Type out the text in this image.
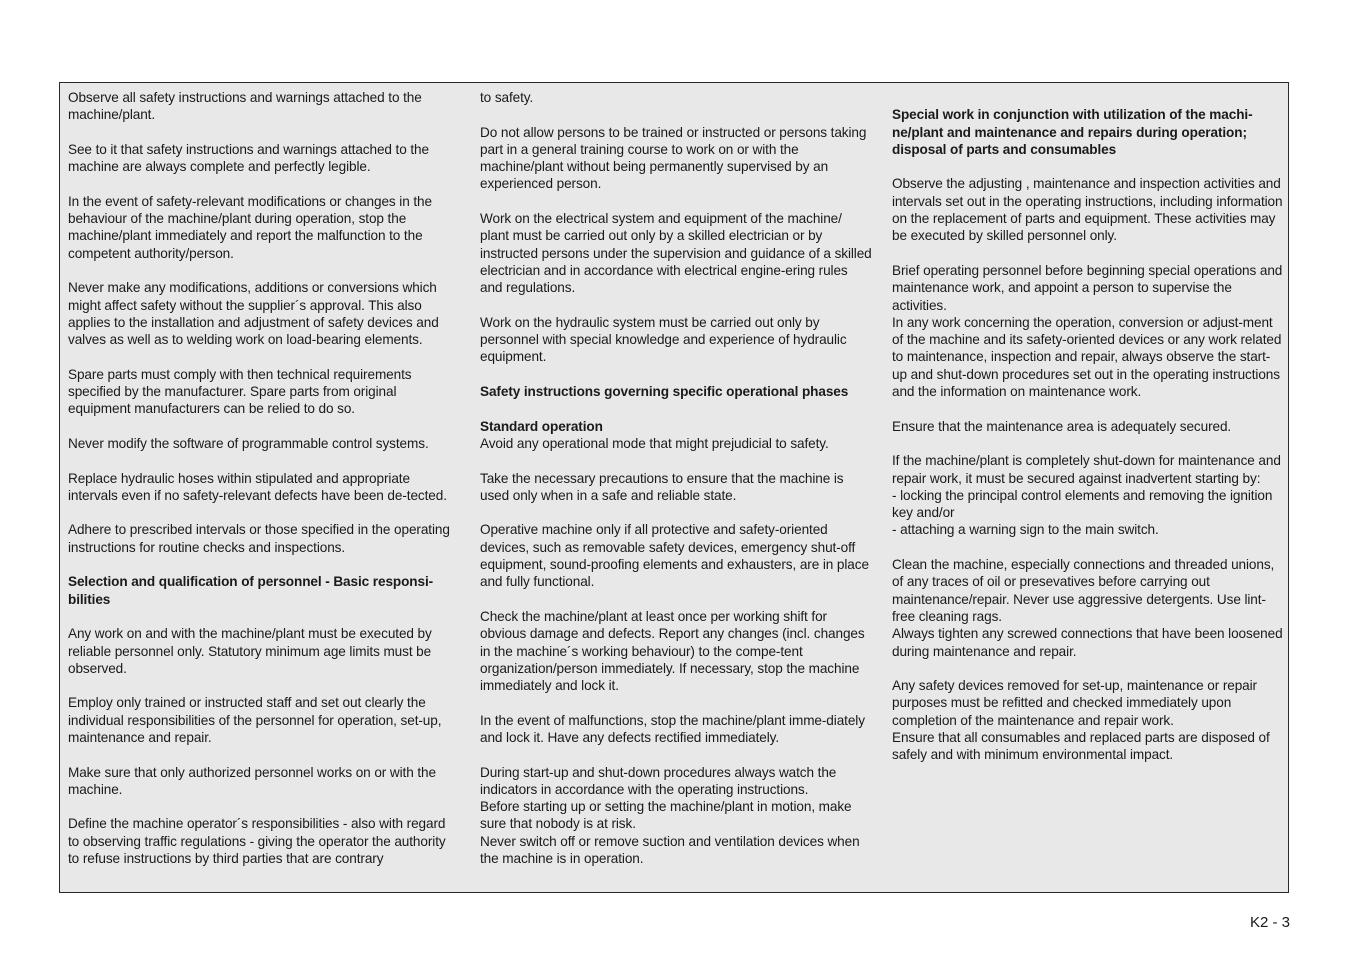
Observe all safety instructions and warnings attached to the machine/plant.

See to it that safety instructions and warnings attached to the machine are always complete and perfectly legible.

In the event of safety-relevant modifications or changes in the behaviour of the machine/plant during operation, stop the machine/plant immediately and report the malfunction to the competent authority/person.

Never make any modifications, additions or conversions which might affect safety without the supplier´s approval. This also applies to the installation and adjustment of safety devices and valves as well as to welding work on load-bearing elements.

Spare parts must comply with then technical requirements specified by the manufacturer. Spare parts from original equipment manufacturers can be relied to do so.

Never modify the software of programmable control systems.

Replace hydraulic hoses within stipulated and appropriate intervals even if no safety-relevant defects have been de-tected.

Adhere to prescribed intervals or those specified in the operating instructions for routine checks and inspections.

Selection and qualification of personnel - Basic responsi-bilities

Any work on and with the machine/plant must be executed by reliable personnel only. Statutory minimum age limits must be observed.

Employ only trained or instructed staff and set out clearly the individual responsibilities of the personnel for operation, set-up, maintenance and repair.

Make sure that only authorized personnel works on or with the machine.

Define the machine operator´s responsibilities - also with regard to observing traffic regulations - giving the operator the authority to refuse instructions by third parties that are contrary

to safety.

Do not allow persons to be trained or instructed or persons taking part in a general training course to work on or with the machine/plant without being permanently supervised by an experienced person.

Work on the electrical system and equipment of the machine/ plant must be carried out only by a skilled electrician or by instructed persons under the supervision and guidance of a skilled electrician and in accordance with electrical engine-ering rules and regulations.

Work on the hydraulic system must be carried out only by personnel with special knowledge and experience of hydraulic equipment.

Safety instructions governing specific operational phases
Standard operation

Avoid any operational mode that might prejudicial to safety.

Take the necessary precautions to ensure that the machine is used only when in a safe and reliable state.

Operative machine only if all protective and safety-oriented devices, such as removable safety devices, emergency shut-off equipment, sound-proofing elements and exhausters, are in place and fully functional.

Check the machine/plant at least once per working shift for obvious damage and defects. Report any changes (incl. changes in the machine´s working behaviour) to the compe-tent organization/person immediately. If necessary, stop the machine immediately and lock it.

In the event of malfunctions, stop the machine/plant imme-diately and lock it. Have any defects rectified immediately.

During start-up and shut-down procedures always watch the indicators in accordance with the operating instructions.

Before starting up or setting the machine/plant in motion, make sure that nobody is at risk.

Never switch off or remove suction and ventilation devices when the machine is in operation.

Special work in conjunction with utilization of the machi-ne/plant and maintenance and repairs during operation; disposal of parts and consumables

Observe the adjusting , maintenance and inspection activities and intervals set out in the operating instructions, including information on the replacement of parts and equipment. These activities may be executed by skilled personnel only.

Brief operating personnel before beginning special operations and maintenance work, and appoint a person to supervise the activities.

In any work concerning the operation, conversion or adjust-ment of the machine and its safety-oriented devices or any work related to maintenance, inspection and repair, always observe the start-up and shut-down procedures set out in the operating instructions and the information on maintenance work.

Ensure that the maintenance area is adequately secured.

If the machine/plant is completely shut-down for maintenance and repair work, it must be secured against inadvertent starting by:

- locking the principal control elements and removing the ignition key and/or

- attaching a warning sign to the main switch.

Clean the machine, especially connections and threaded unions, of any traces of oil or presevatives before carrying out maintenance/repair. Never use aggressive detergents. Use lint-free cleaning rags.

Always tighten any screwed connections that have been loosened during maintenance and repair.

Any safety devices removed for set-up, maintenance or repair purposes must be refitted and checked immediately upon completion of the maintenance and repair work.

Ensure that all consumables and replaced parts are disposed of safely and with minimum environmental impact.

K2 - 3
